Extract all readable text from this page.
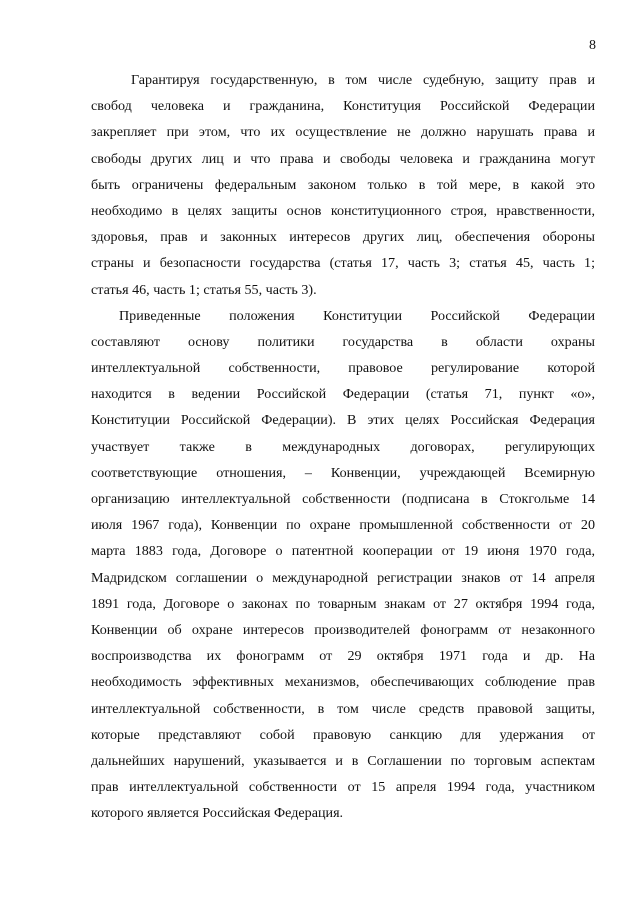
8
Гарантируя государственную, в том числе судебную, защиту прав и
свобод человека и гражданина, Конституция Российской Федерации
закрепляет при этом, что их осуществление не должно нарушать права и
свободы других лиц и что права и свободы человека и гражданина могут
быть ограничены федеральным законом только в той мере, в какой это
необходимо в целях защиты основ конституционного строя, нравственности,
здоровья, прав и законных интересов других лиц, обеспечения обороны
страны и безопасности государства (статья 17, часть 3; статья 45, часть 1;
статья 46, часть 1; статья 55, часть 3).
Приведенные положения Конституции Российской Федерации
составляют основу политики государства в области охраны
интеллектуальной собственности, правовое регулирование которой
находится в ведении Российской Федерации (статья 71, пункт «о»,
Конституции Российской Федерации). В этих целях Российская Федерация
участвует также в международных договорах, регулирующих
соответствующие отношения, – Конвенции, учреждающей Всемирную
организацию интеллектуальной собственности (подписана в Стокгольме 14
июля 1967 года), Конвенции по охране промышленной собственности от 20
марта 1883 года, Договоре о патентной кооперации от 19 июня 1970 года,
Мадридском соглашении о международной регистрации знаков от 14 апреля
1891 года, Договоре о законах по товарным знакам от 27 октября 1994 года,
Конвенции об охране интересов производителей фонограмм от незаконного
воспроизводства их фонограмм от 29 октября 1971 года и др. На
необходимость эффективных механизмов, обеспечивающих соблюдение прав
интеллектуальной собственности, в том числе средств правовой защиты,
которые представляют собой правовую санкцию для удержания от
дальнейших нарушений, указывается и в Соглашении по торговым аспектам
прав интеллектуальной собственности от 15 апреля 1994 года, участником
которого является Российская Федерация.
